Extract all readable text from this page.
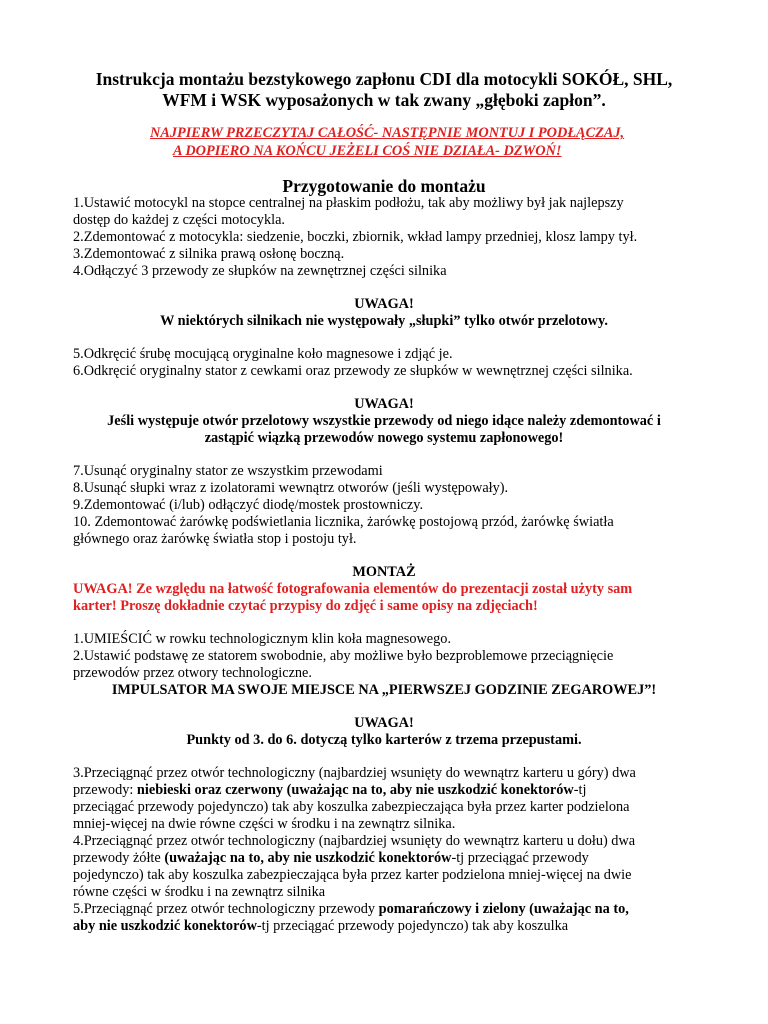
Instrukcja montażu bezstykowego zapłonu CDI dla motocykli SOKÓŁ, SHL,
WFM i WSK wyposażonych w tak zwany „głęboki zapłon”.
NAJPIERW PRZECZYTAJ CAŁOŚĆ- NASTĘPNIE MONTUJ I PODŁĄCZAJ,
A DOPIERO NA KOŃCU JEŻELI COŚ NIE DZIAŁA- DZWOŃ!
Przygotowanie do montażu
1.Ustawić motocykl na stopce centralnej na płaskim podłożu, tak aby możliwy był jak najlepszy
dostęp do każdej z części motocykla.
2.Zdemontować z motocykla: siedzenie, boczki, zbiornik, wkład lampy przedniej, klosz lampy tył.
3.Zdemontować z silnika prawą osłonę boczną.
4.Odłączyć 3 przewody ze słupków na zewnętrznej części silnika
UWAGA!
W niektórych silnikach nie występowały „słupki” tylko otwór przelotowy.
5.Odkręcić śrubę mocującą oryginalne koło magnesowe i zdjąć je.
6.Odkręcić oryginalny stator z cewkami oraz przewody ze słupków w wewnętrznej części silnika.
UWAGA!
Jeśli występuje otwór przelotowy wszystkie przewody od niego idące należy zdemontować i
zastąpić wiązką przewodów nowego systemu zapłonowego!
7.Usunąć oryginalny stator ze wszystkim przewodami
8.Usunąć słupki wraz z izolatorami wewnątrz otworów (jeśli występowały).
9.Zdemontować (i/lub) odłączyć diodę/mostek prostowniczy.
10. Zdemontować żarówkę podświetlania licznika, żarówkę postojową przód, żarówkę światła
głównego oraz żarówkę światła stop i postoju tył.
MONTAŻ
UWAGA! Ze względu na łatwość fotografowania elementów do prezentacji został użyty sam
karter! Proszę dokładnie czytać przypisy do zdjęć i same opisy na zdjęciach!
1.UMIEŚCIĆ w rowku technologicznym klin koła magnesowego.
2.Ustawić podstawę ze statorem swobodnie, aby możliwe było bezproblemowe przeciągnięcie
przewodów przez otwory technologiczne.
IMPULSATOR MA SWOJE MIEJSCE NA „PIERWSZEJ GODZINIE ZEGAROWEJ”!
UWAGA!
Punkty od 3. do 6. dotyczą tylko karterów z trzema przepustami.
3.Przeciągnąć przez otwór technologiczny (najbardziej wsunięty do wewnątrz karteru u góry) dwa
przewody: niebieski oraz czerwony (uważając na to, aby nie uszkodzić konektorów-tj
przeciągać przewody pojedynczo) tak aby koszulka zabezpieczająca była przez karter podzielona
mniej-więcej na dwie równe części w środku i na zewnątrz silnika.
4.Przeciągnąć przez otwór technologiczny (najbardziej wsunięty do wewnątrz karteru u dołu) dwa
przewody żółte (uważając na to, aby nie uszkodzić konektorów-tj przeciągać przewody
pojedynczo) tak aby koszulka zabezpieczająca była przez karter podzielona mniej-więcej na dwie
równe części w środku i na zewnątrz silnika
5.Przeciągnąć przez otwór technologiczny przewody pomarańczowy i zielony (uważając na to,
aby nie uszkodzić konektorów-tj przeciągać przewody pojedynczo) tak aby koszulka
